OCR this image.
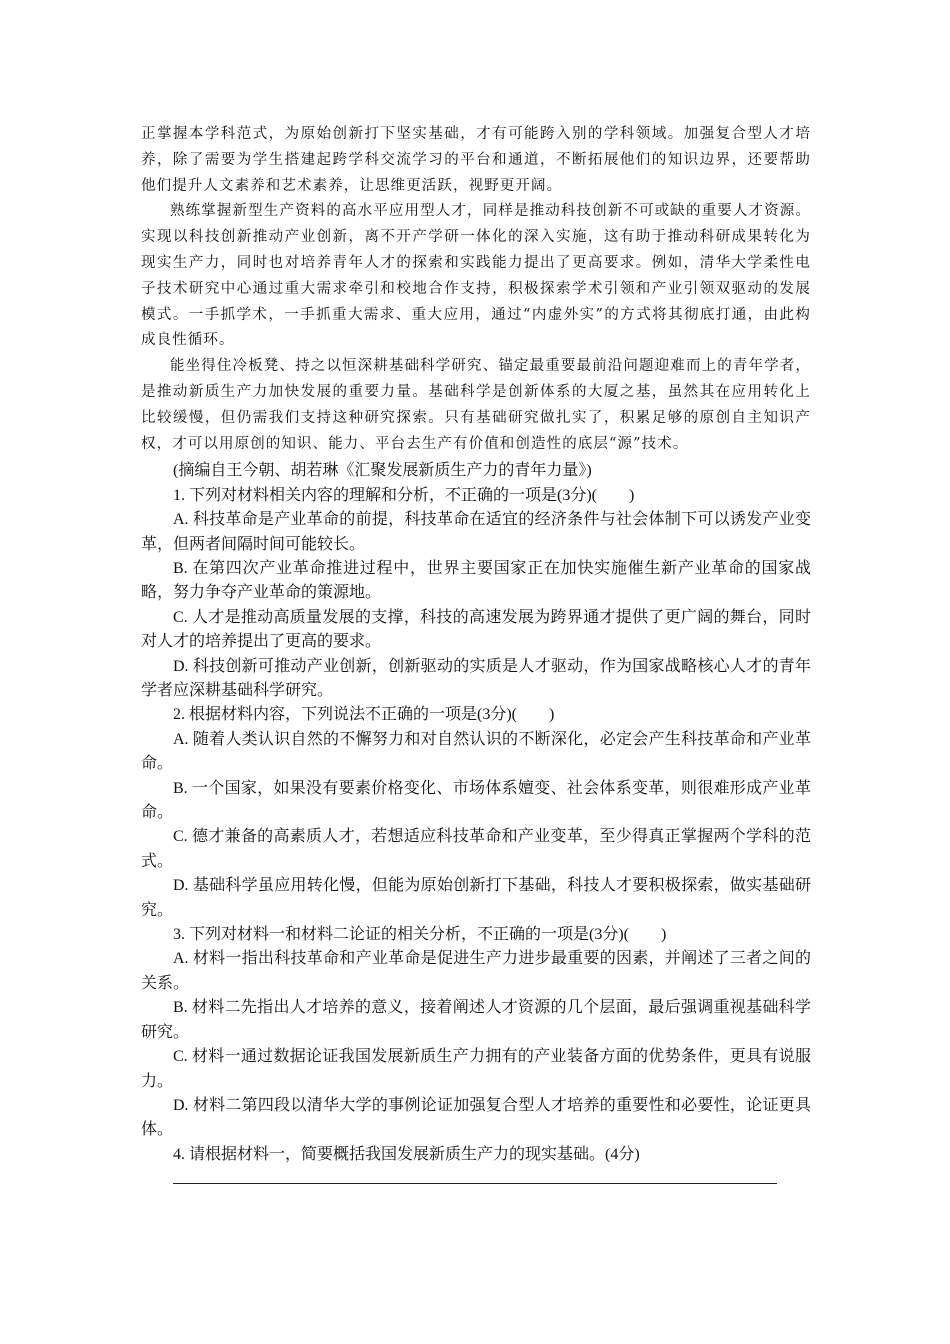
正掌握本学科范式，为原始创新打下坚实基础，才有可能跨入别的学科领域。加强复合型人才培养，除了需要为学生搭建起跨学科交流学习的平台和通道，不断拓展他们的知识边界，还要帮助他们提升人文素养和艺术素养，让思维更活跃，视野更开阔。

熟练掌握新型生产资料的高水平应用型人才，同样是推动科技创新不可或缺的重要人才资源。实现以科技创新推动产业创新，离不开产学研一体化的深入实施，这有助于推动科研成果转化为现实生产力，同时也对培养青年人才的探索和实践能力提出了更高要求。例如，清华大学柔性电子技术研究中心通过重大需求牵引和校地合作支持，积极探索学术引领和产业引领双驱动的发展模式。一手抓学术，一手抓重大需求、重大应用，通过“内虚外实”的方式将其彻底打通，由此构成良性循环。

能坐得住冷板凳、持之以恒深耕基础科学研究、锚定最重要最前沿问题迎难而上的青年学者，是推动新质生产力加快发展的重要力量。基础科学是创新体系的大厦之基，虽然其在应用转化上比较缓慢，但仍需我们支持这种研究探索。只有基础研究做扎实了，积累足够的原创自主知识产权，才可以用原创的知识、能力、平台去生产有价值和创造性的底层“源”技术。

(摘编自王今朝、胡若琳《汇聚发展新质生产力的青年力量》)

1. 下列对材料相关内容的理解和分析，不正确的一项是(3分)(　　)

A. 科技革命是产业革命的前提，科技革命在适宜的经济条件与社会体制下可以诱发产业变革，但两者间隔时间可能较长。

B. 在第四次产业革命推进过程中，世界主要国家正在加快实施催生新产业革命的国家战略，努力争夺产业革命的策源地。

C. 人才是推动高质量发展的支撑，科技的高速发展为跨界通才提供了更广阔的舞台，同时对人才的培养提出了更高的要求。

D. 科技创新可推动产业创新，创新驱动的实质是人才驱动，作为国家战略核心人才的青年学者应深耕基础科学研究。

2. 根据材料内容，下列说法不正确的一项是(3分)(　　)

A. 随着人类认识自然的不懈努力和对自然认识的不断深化，必定会产生科技革命和产业革命。

B. 一个国家，如果没有要素价格变化、市场体系嬗变、社会体系变革，则很难形成产业革命。

C. 德才兼备的高素质人才，若想适应科技革命和产业变革，至少得真正掌握两个学科的范式。

D. 基础科学虽应用转化慢，但能为原始创新打下基础，科技人才要积极探索，做实基础研究。

3. 下列对材料一和材料二论证的相关分析，不正确的一项是(3分)(　　)

A. 材料一指出科技革命和产业革命是促进生产力进步最重要的因素，并阐述了三者之间的关系。

B. 材料二先指出人才培养的意义，接着阐述人才资源的几个层面，最后强调重视基础科学研究。

C. 材料一通过数据论证我国发展新质生产力拥有的产业装备方面的优势条件，更具有说服力。

D. 材料二第四段以清华大学的事例论证加强复合型人才培养的重要性和必要性，论证更具体。

4. 请根据材料一，简要概括我国发展新质生产力的现实基础。(4分)
